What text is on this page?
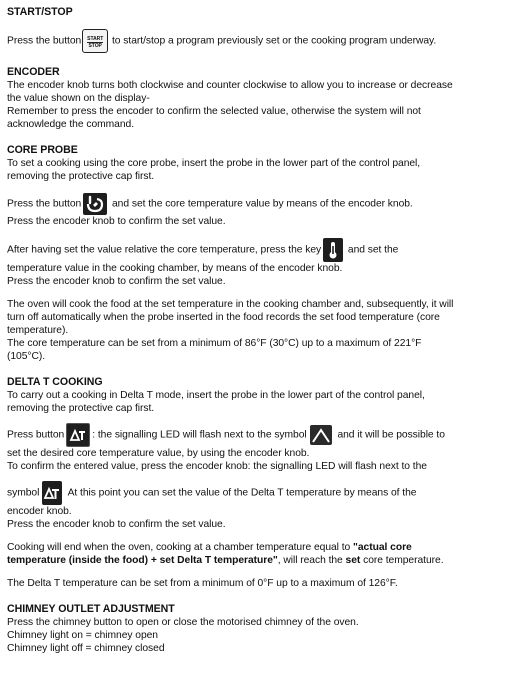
START/STOP
Press the button	START
STOP to start/stop a program previously set or the cooking program underway.
ENCODER
The encoder knob turns both clockwise and counter clockwise to allow you to increase or decrease
the value shown on the display-
Remember to press the encoder to confirm the selected value, otherwise the system will not
acknowledge the command.
CORE PROBE
To set a cooking using the core probe, insert the probe in the lower part of the control panel,
removing the protective cap first.
Press the button	and set the core temperature value by means of the encoder knob.
Press the encoder knob to confirm the set value.
After having set the value relative the core temperature, press the key
and set the
temperature value in the cooking chamber, by means of the encoder knob.
Press the encoder knob to confirm the set value.
The oven will cook the food at the set temperature in the cooking chamber and, subsequently, it will
turn off automatically when the probe inserted in the food records the set food temperature (core
temperature).
The core temperature can be set from a minimum of 86°F (30°C) up to a maximum of 221°F
(105°C).
DELTA T COOKING
To carry out a cooking in Delta T mode, insert the probe in the lower part of the control panel,
removing the protective cap first.
Press button	: the signalling LED will flash next to the symbol	and it will be possible to
set the desired core temperature value, by using the encoder knob.
To confirm the entered value, press the encoder knob: the signalling LED will flash next to the
symbol	At this point you can set the value of the Delta T temperature by means of the
encoder knob.
Press the encoder knob to confirm the set value.
Cooking will end when the oven, cooking at a chamber temperature equal to "actual core
temperature (inside the food) + set Delta T temperature", will reach the set core temperature.
The Delta T temperature can be set from a minimum of 0°F up to a maximum of 126°F.
CHIMNEY OUTLET ADJUSTMENT
Press the chimney button to open or close the motorised chimney of the oven.
Chimney light on = chimney open
Chimney light off = chimney closed
